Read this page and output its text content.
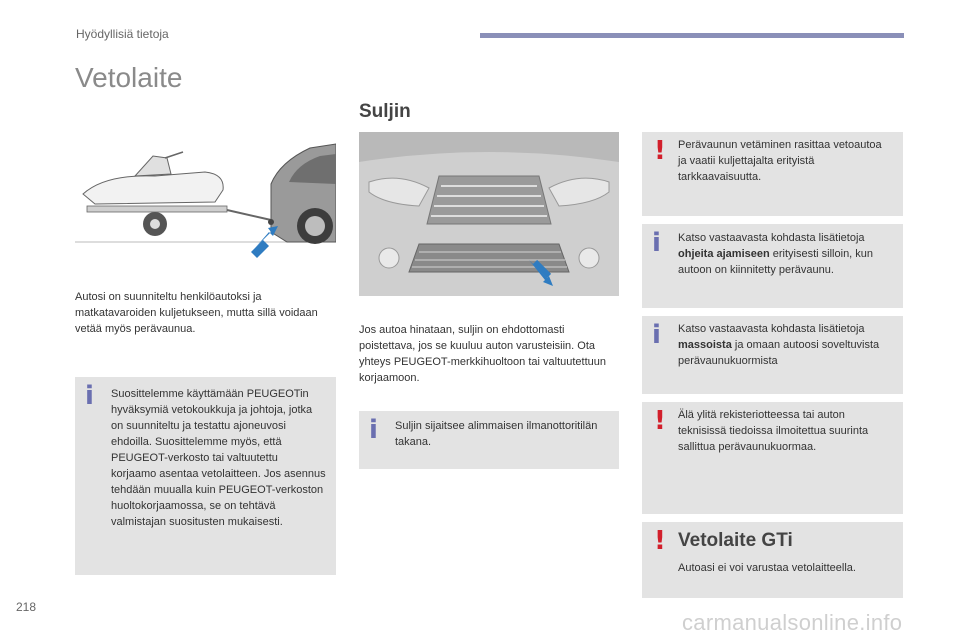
Hyödyllisiä tietoja
Vetolaite
Autosi on suunniteltu henkilöautoksi ja matkatavaroiden kuljetukseen, mutta sillä voidaan vetää myös perävaunua.
i Suosittelemme käyttämään PEUGEOTin hyväksymiä vetokoukkuja ja johtoja, jotka on suunniteltu ja testattu ajoneuvosi ehdoilla. Suosittelemme myös, että PEUGEOT-verkosto tai valtuutettu korjaamo asentaa vetolaitteen. Jos asennus tehdään muualla kuin PEUGEOT-verkoston huoltokorjaamossa, se on tehtävä valmistajan suositusten mukaisesti.
Suljin
Jos autoa hinataan, suljin on ehdottomasti poistettava, jos se kuuluu auton varusteisiin. Ota yhteys PEUGEOT-merkkihuoltoon tai valtuutettuun korjaamoon.
i Suljin sijaitsee alimmaisen ilmanottoritilän takana.
! Perävaunun vetäminen rasittaa vetoautoa ja vaatii kuljettajalta erityistä tarkkaavaisuutta.
i Katso vastaavasta kohdasta lisätietoja ohjeita ajamiseen erityisesti silloin, kun autoon on kiinnitetty perävaunu.
i Katso vastaavasta kohdasta lisätietoja massoista ja omaan autoosi soveltuvista perävaunukuormista
! Älä ylitä rekisteriotteessa tai auton teknisissä tiedoissa ilmoitettua suurinta sallittua perävaunukuormaa.
! Vetolaite GTi
Autoasi ei voi varustaa vetolaitteella.
218
carmanualsonline.info
